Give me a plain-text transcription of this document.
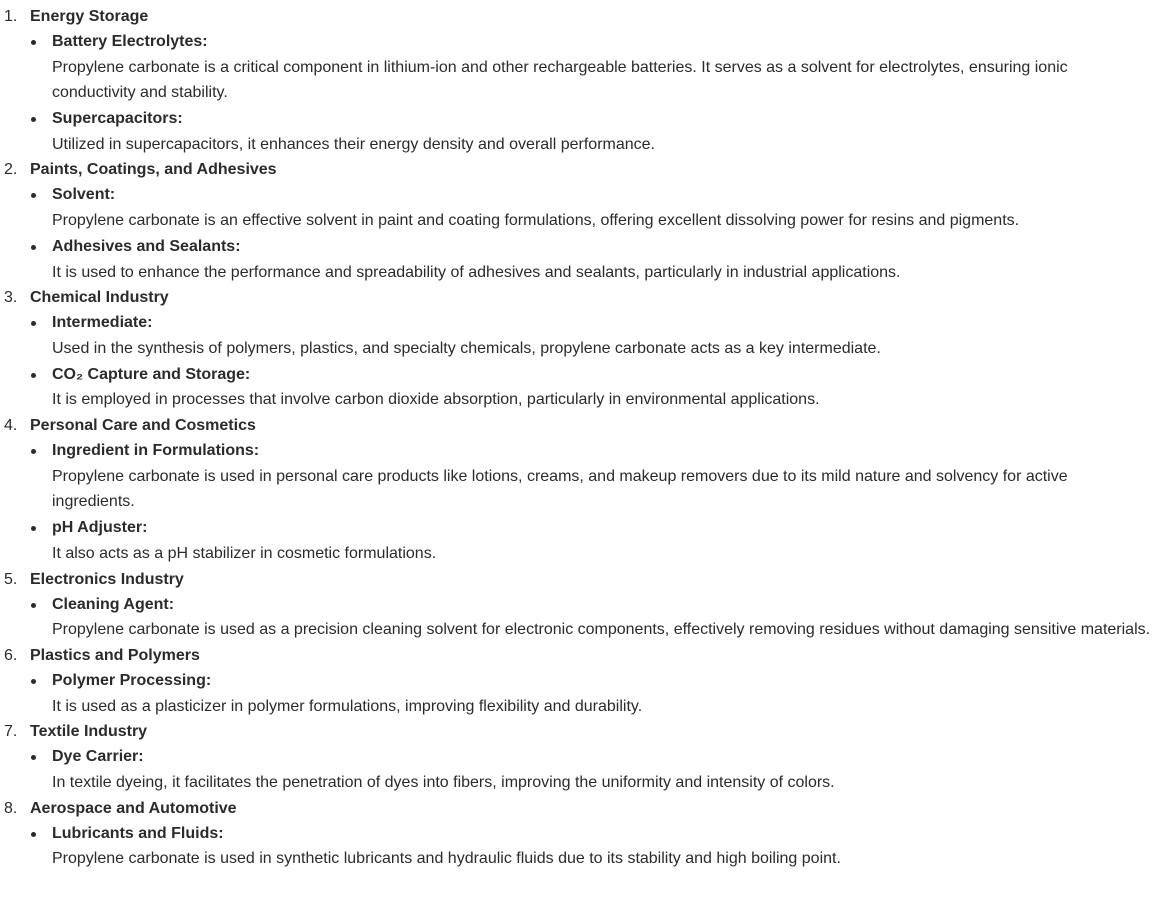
1. Energy Storage
Battery Electrolytes:

Propylene carbonate is a critical component in lithium-ion and other rechargeable batteries. It serves as a solvent for electrolytes, ensuring ionic conductivity and stability.

Supercapacitors:

Utilized in supercapacitors, it enhances their energy density and overall performance.

2. Paints, Coatings, and Adhesives
Solvent:

Propylene carbonate is an effective solvent in paint and coating formulations, offering excellent dissolving power for resins and pigments.

Adhesives and Sealants:

It is used to enhance the performance and spreadability of adhesives and sealants, particularly in industrial applications.

3. Chemical Industry
Intermediate:

Used in the synthesis of polymers, plastics, and specialty chemicals, propylene carbonate acts as a key intermediate.

CO₂ Capture and Storage:

It is employed in processes that involve carbon dioxide absorption, particularly in environmental applications.

4. Personal Care and Cosmetics
Ingredient in Formulations:

Propylene carbonate is used in personal care products like lotions, creams, and makeup removers due to its mild nature and solvency for active ingredients.

pH Adjuster:

It also acts as a pH stabilizer in cosmetic formulations.

5. Electronics Industry
Cleaning Agent:

Propylene carbonate is used as a precision cleaning solvent for electronic components, effectively removing residues without damaging sensitive materials.

6. Plastics and Polymers
Polymer Processing:

It is used as a plasticizer in polymer formulations, improving flexibility and durability.

7. Textile Industry
Dye Carrier:

In textile dyeing, it facilitates the penetration of dyes into fibers, improving the uniformity and intensity of colors.

8. Aerospace and Automotive
Lubricants and Fluids:

Propylene carbonate is used in synthetic lubricants and hydraulic fluids due to its stability and high boiling point.
